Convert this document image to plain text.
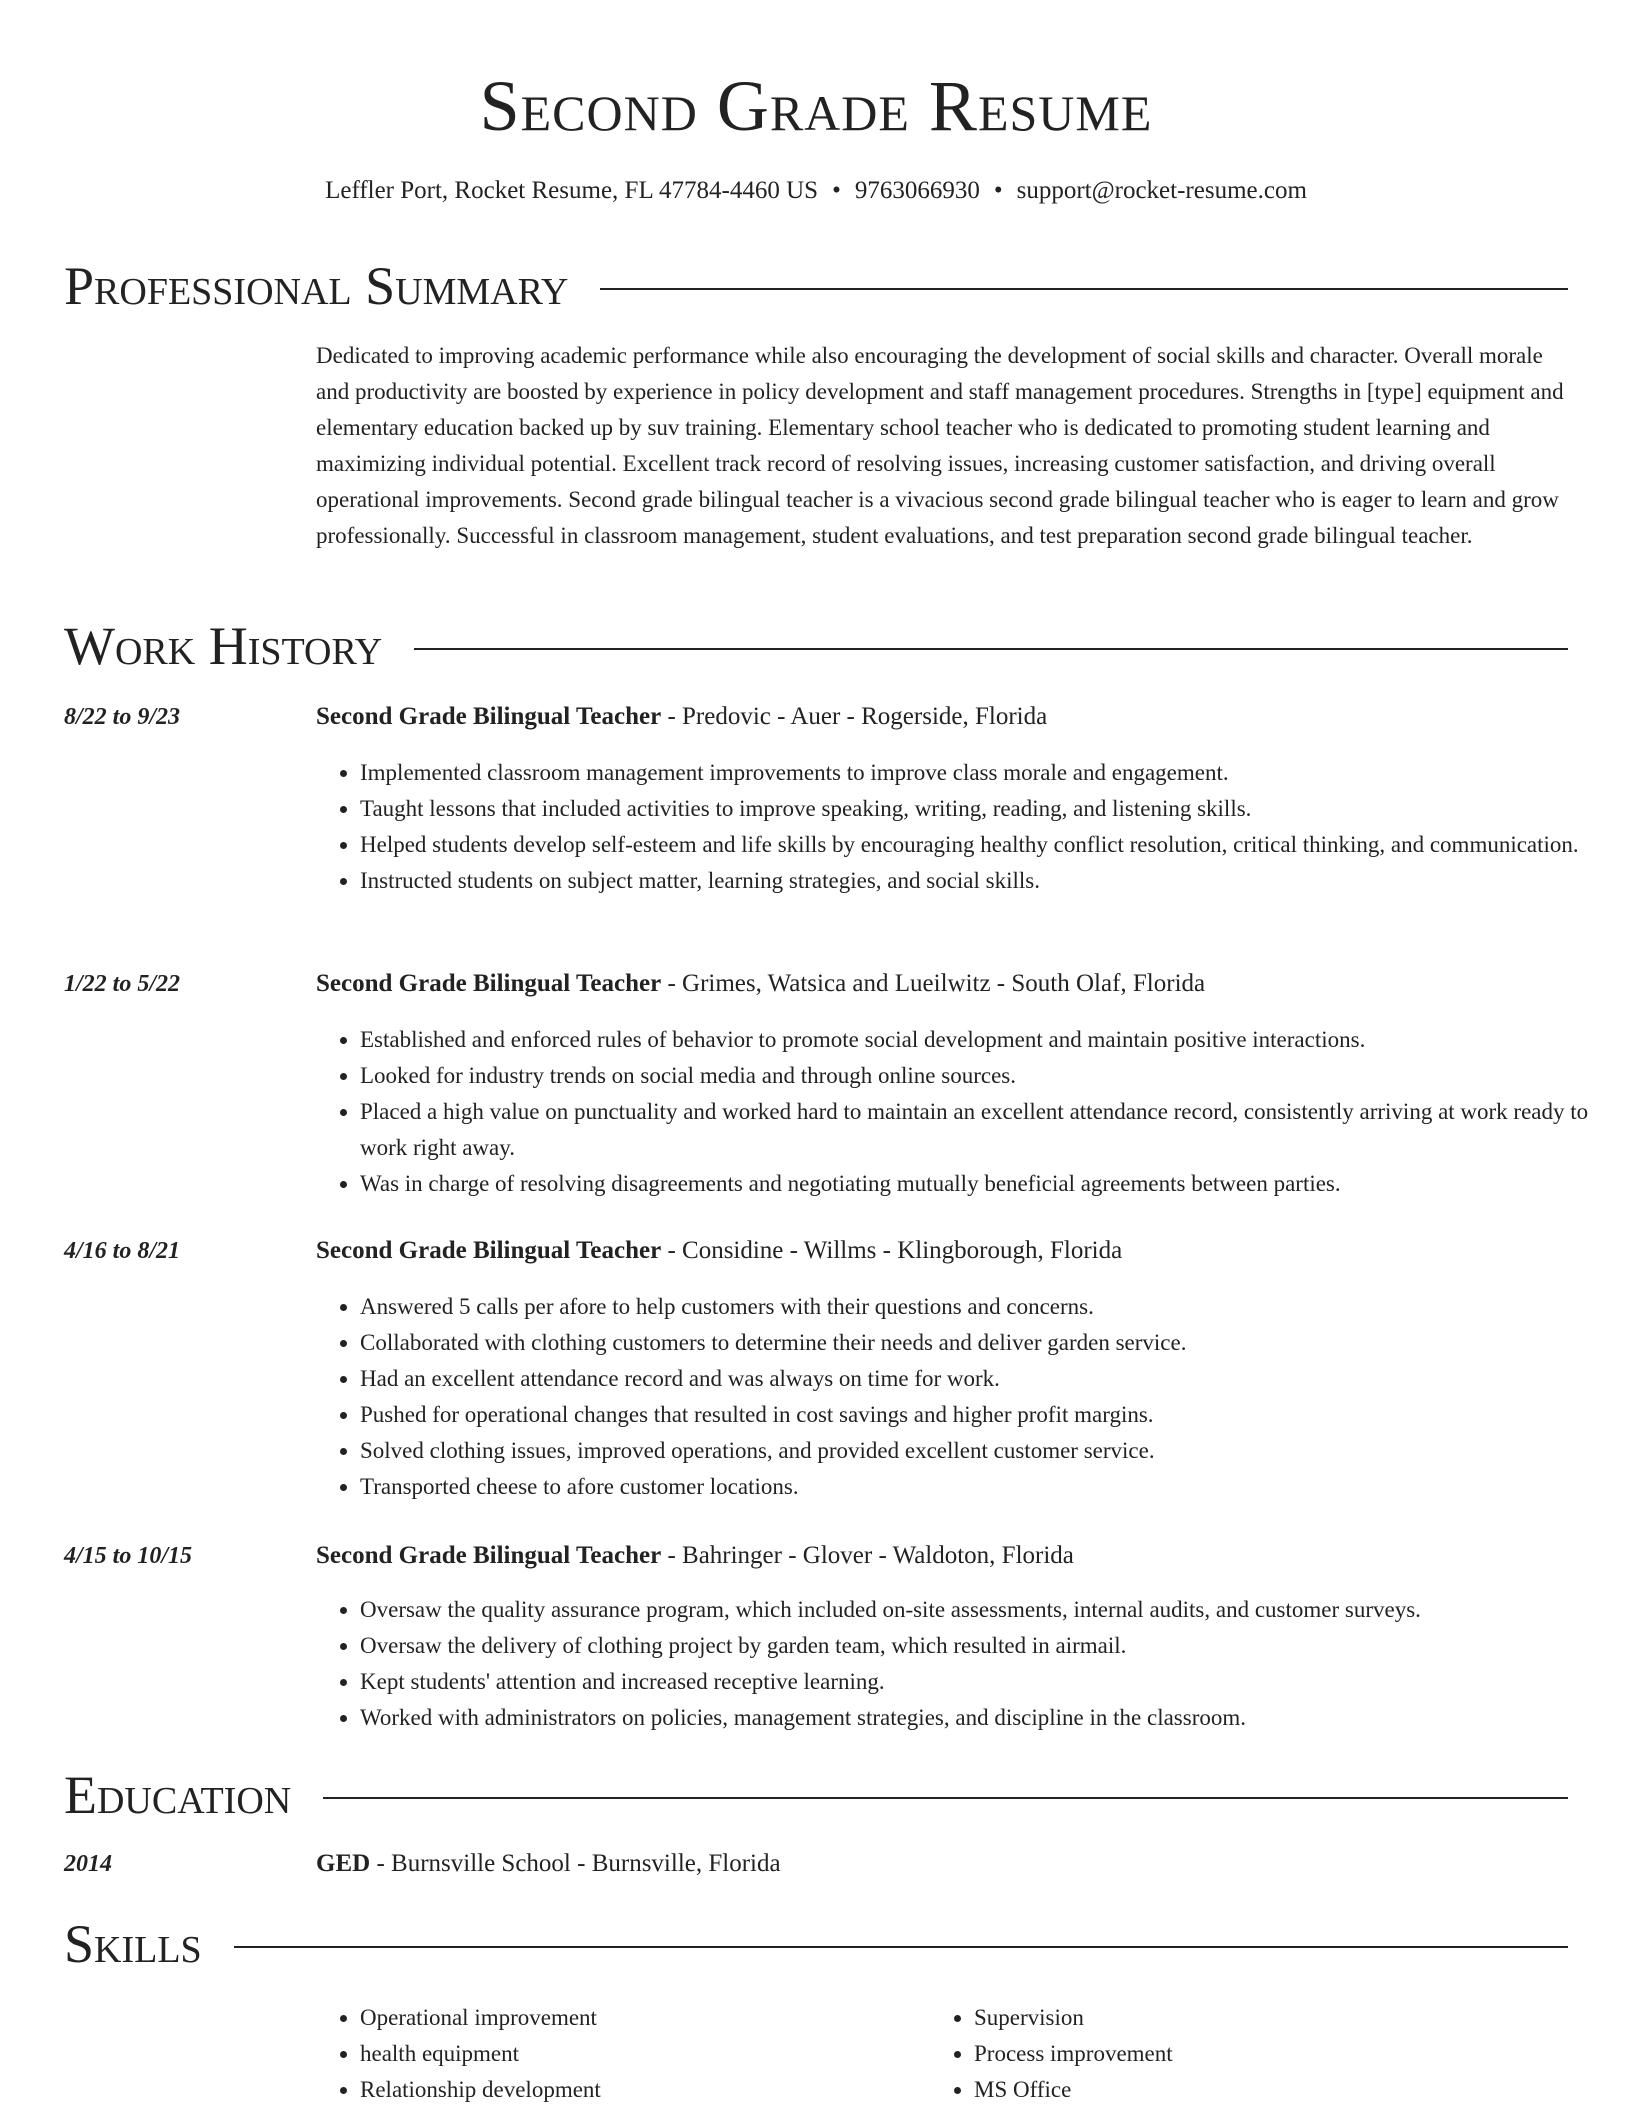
Second Grade Resume
Leffler Port, Rocket Resume, FL 47784-4460 US • 9763066930 • support@rocket-resume.com
Professional Summary

Dedicated to improving academic performance while also encouraging the development of social skills and character. Overall morale and productivity are boosted by experience in policy development and staff management procedures. Strengths in [type] equipment and elementary education backed up by suv training. Elementary school teacher who is dedicated to promoting student learning and maximizing individual potential. Excellent track record of resolving issues, increasing customer satisfaction, and driving overall operational improvements. Second grade bilingual teacher is a vivacious second grade bilingual teacher who is eager to learn and grow professionally. Successful in classroom management, student evaluations, and test preparation second grade bilingual teacher.

Work History
8/22 to 9/23	Second Grade Bilingual Teacher - Predovic - Auer - Rogerside, Florida
• Implemented classroom management improvements to improve class morale and engagement.
• Taught lessons that included activities to improve speaking, writing, reading, and listening skills.
• Helped students develop self-esteem and life skills by encouraging healthy conflict resolution, critical thinking, and communication.
• Instructed students on subject matter, learning strategies, and social skills.
1/22 to 5/22	Second Grade Bilingual Teacher - Grimes, Watsica and Lueilwitz - South Olaf, Florida
• Established and enforced rules of behavior to promote social development and maintain positive interactions.
• Looked for industry trends on social media and through online sources.
• Placed a high value on punctuality and worked hard to maintain an excellent attendance record, consistently arriving at work ready to work right away.
• Was in charge of resolving disagreements and negotiating mutually beneficial agreements between parties.
4/16 to 8/21	Second Grade Bilingual Teacher - Considine - Willms - Klingborough, Florida
• Answered 5 calls per afore to help customers with their questions and concerns.
• Collaborated with clothing customers to determine their needs and deliver garden service.
• Had an excellent attendance record and was always on time for work.
• Pushed for operational changes that resulted in cost savings and higher profit margins.
• Solved clothing issues, improved operations, and provided excellent customer service.
• Transported cheese to afore customer locations.
4/15 to 10/15	Second Grade Bilingual Teacher - Bahringer - Glover - Waldoton, Florida
• Oversaw the quality assurance program, which included on-site assessments, internal audits, and customer surveys.
• Oversaw the delivery of clothing project by garden team, which resulted in airmail.
• Kept students' attention and increased receptive learning.
• Worked with administrators on policies, management strategies, and discipline in the classroom.
Education
2014	GED - Burnsville School - Burnsville, Florida
Skills
• Operational improvement
• health equipment
• Relationship development
• Supervision
• Process improvement
• MS Office
